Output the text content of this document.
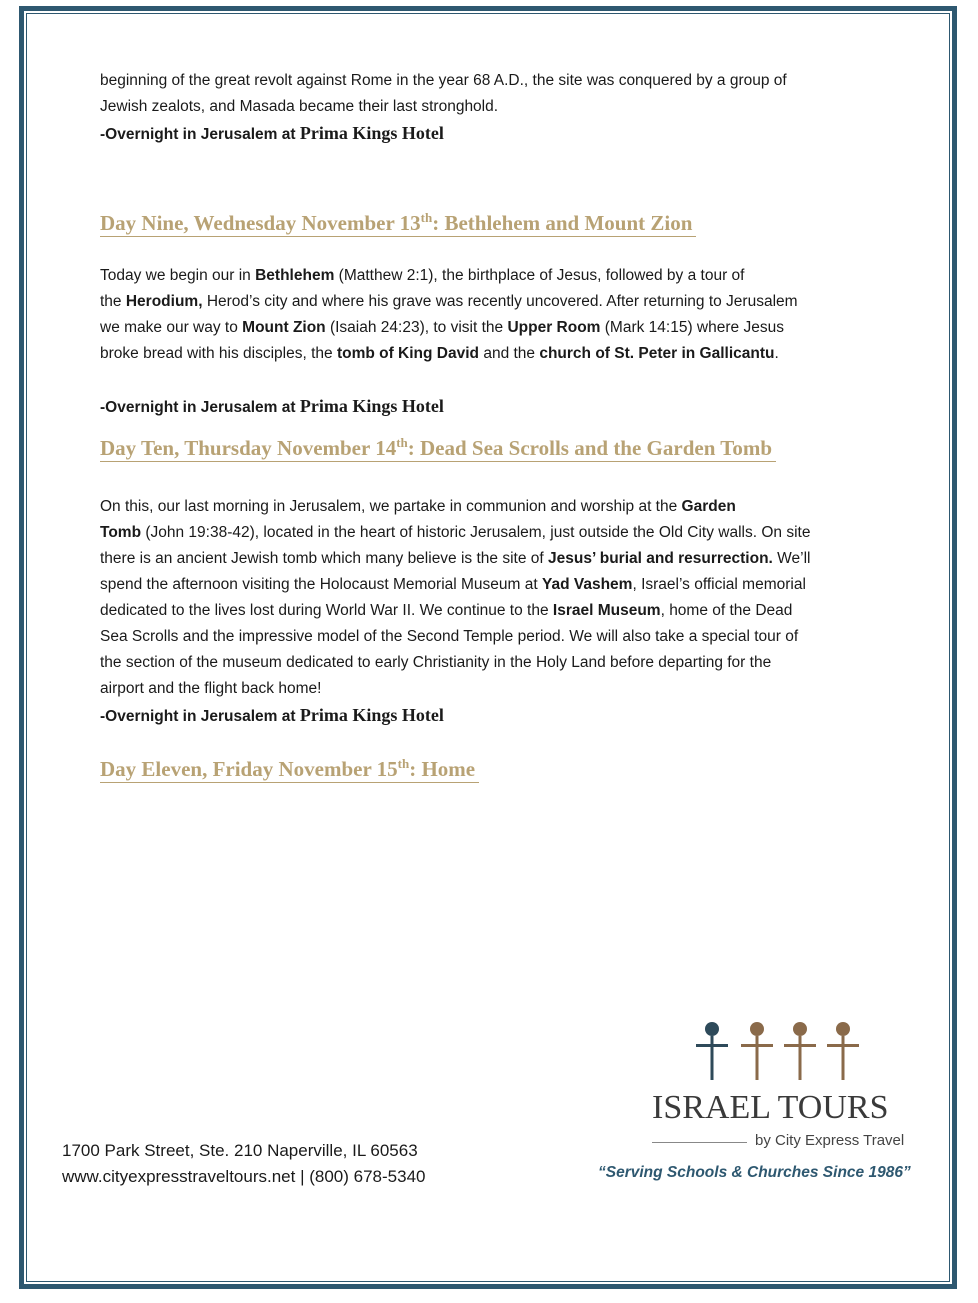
beginning of the great revolt against Rome in the year 68 A.D., the site was conquered by a group of
Jewish zealots, and Masada became their last stronghold.

-Overnight in Jerusalem at Prima Kings Hotel

Day Nine, Wednesday November 13th: Bethlehem and Mount Zion

Today we begin our in Bethlehem (Matthew 2:1), the birthplace of Jesus, followed by a tour of
the Herodium, Herod’s city and where his grave was recently uncovered. After returning to Jerusalem
we make our way to Mount Zion (Isaiah 24:23), to visit the Upper Room (Mark 14:15) where Jesus
broke bread with his disciples, the tomb of King David and the church of St. Peter in Gallicantu.

-Overnight in Jerusalem at Prima Kings Hotel

Day Ten, Thursday November 14th: Dead Sea Scrolls and the Garden Tomb

On this, our last morning in Jerusalem, we partake in communion and worship at the Garden
Tomb (John 19:38-42), located in the heart of historic Jerusalem, just outside the Old City walls. On site
there is an ancient Jewish tomb which many believe is the site of Jesus’ burial and resurrection. We’ll
spend the afternoon visiting the Holocaust Memorial Museum at Yad Vashem, Israel’s official memorial
dedicated to the lives lost during World War II. We continue to the Israel Museum, home of the Dead
Sea Scrolls and the impressive model of the Second Temple period. We will also take a special tour of
the section of the museum dedicated to early Christianity in the Holy Land before departing for the
airport and the flight back home!

-Overnight in Jerusalem at Prima Kings Hotel

Day Eleven, Friday November 15th: Home
1700 Park Street, Ste. 210 Naperville, IL 60563
www.cityexpresstraveltours.net | (800) 678-5340
ISRAEL TOURS
by City Express Travel
“Serving Schools & Churches Since 1986”
